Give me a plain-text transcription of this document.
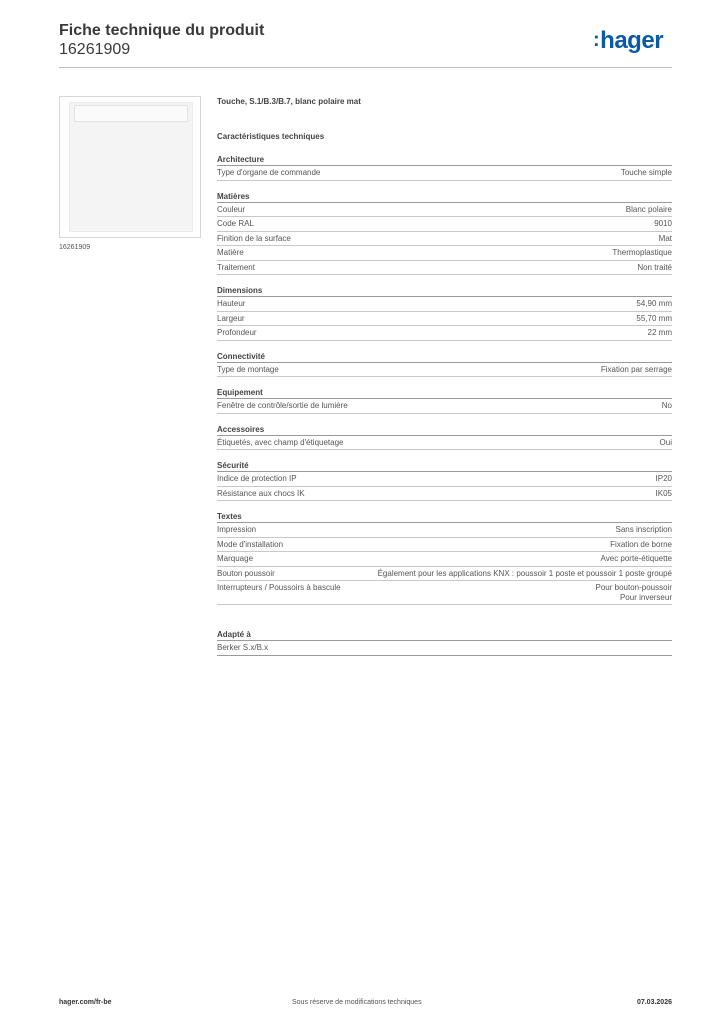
Fiche technique du produit
16261909	:hager
16261909
Touche, S.1/B.3/B.7, blanc polaire mat
Caractéristiques techniques
Architecture
Type d'organe de commande	Touche simple
Matières
Couleur	Blanc polaire
Code RAL	9010
Finition de la surface	Mat
Matière	Thermoplastique
Traitement	Non traité
Dimensions
Hauteur	54,90 mm
Largeur	55,70 mm
Profondeur	22 mm
Connectivité
Type de montage	Fixation par serrage
Equipement
Fenêtre de contrôle/sortie de lumière	No
Accessoires
Étiquetés, avec champ d'étiquetage	Oui
Sécurité
Indice de protection IP	IP20
Résistance aux chocs IK	IK05
Textes
Impression	Sans inscription
Mode d'installation	Fixation de borne
Marquage	Avec porte-étiquette
Bouton poussoir	Également pour les applications KNX : poussoir 1 poste et poussoir 1 poste groupé
Interrupteurs / Poussoirs à bascule	Pour bouton-poussoir
Pour inverseur
Adapté à
Berker S.x/B.x
hager.com/fr-be	Sous réserve de modifications techniques	07.03.2026
